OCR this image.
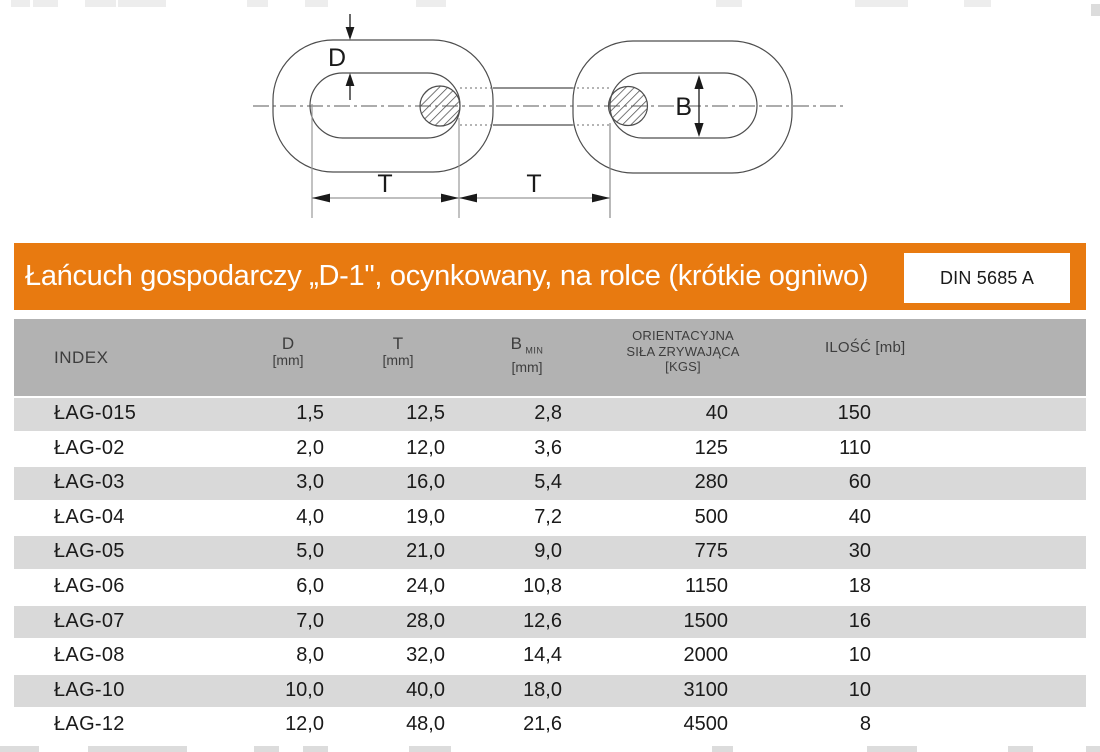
D
B
T	T
Łańcuch gospodarczy „D-1", ocynkowany, na rolce (krótkie ogniwo)	DIN 5685 A
INDEX
D
[mm]
T
[mm]
B  $_{MIN}$
[mm]
ORIENTACYJNA
SIŁA ZRYWAJĄCA
[KGS]
ILOŚĆ [mb]
ŁAG-015	1,5	12,5	2,8	40	150
ŁAG-02	2,0	12,0	3,6	125	110
ŁAG-03	3,0	16,0	5,4	280	60
ŁAG-04	4,0	19,0	7,2	500	40
ŁAG-05	5,0	21,0	9,0	775	30
ŁAG-06	6,0	24,0	10,8	1150	18
ŁAG-07	7,0	28,0	12,6	1500	16
ŁAG-08	8,0	32,0	14,4	2000	10
ŁAG-10	10,0	40,0	18,0	3100	10
ŁAG-12	12,0	48,0	21,6	4500	8
